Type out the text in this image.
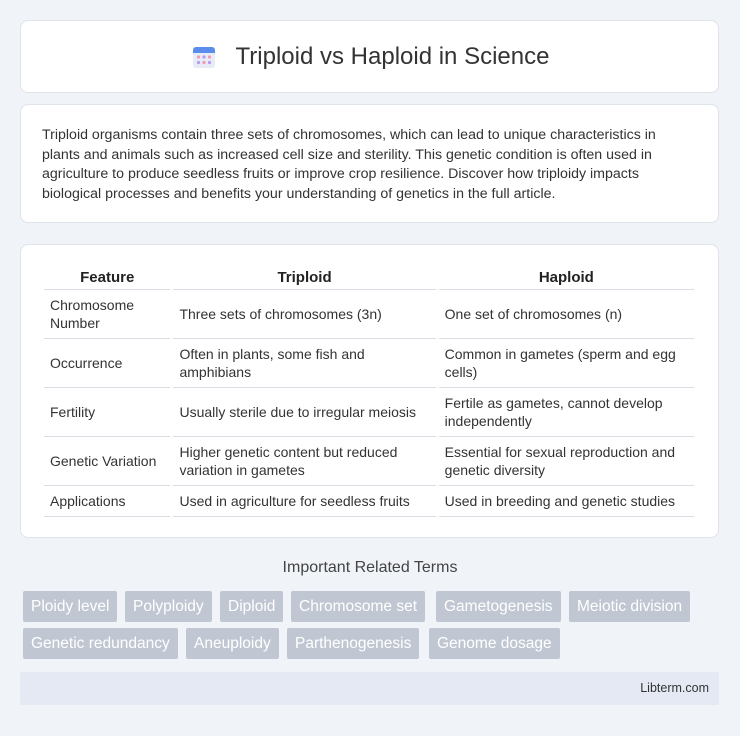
Triploid vs Haploid in Science

Triploid organisms contain three sets of chromosomes, which can lead to unique characteristics in plants and animals such as increased cell size and sterility. This genetic condition is often used in agriculture to produce seedless fruits or improve crop resilience. Discover how triploidy impacts biological processes and benefits your understanding of genetics in the full article.

Feature	Triploid	Haploid
Chromosome Number	Three sets of chromosomes (3n)	One set of chromosomes (n)
Occurrence	Often in plants, some fish and amphibians	Common in gametes (sperm and egg cells)
Fertility	Usually sterile due to irregular meiosis	Fertile as gametes, cannot develop independently
Genetic Variation	Higher genetic content but reduced variation in gametes	Essential for sexual reproduction and genetic diversity
Applications	Used in agriculture for seedless fruits	Used in breeding and genetic studies
Important Related Terms
Ploidy level	Polyploidy	Diploid	Chromosome set	Gametogenesis	Meiotic division
Genetic redundancy	Aneuploidy	Parthenogenesis	Genome dosage
Libterm.com
